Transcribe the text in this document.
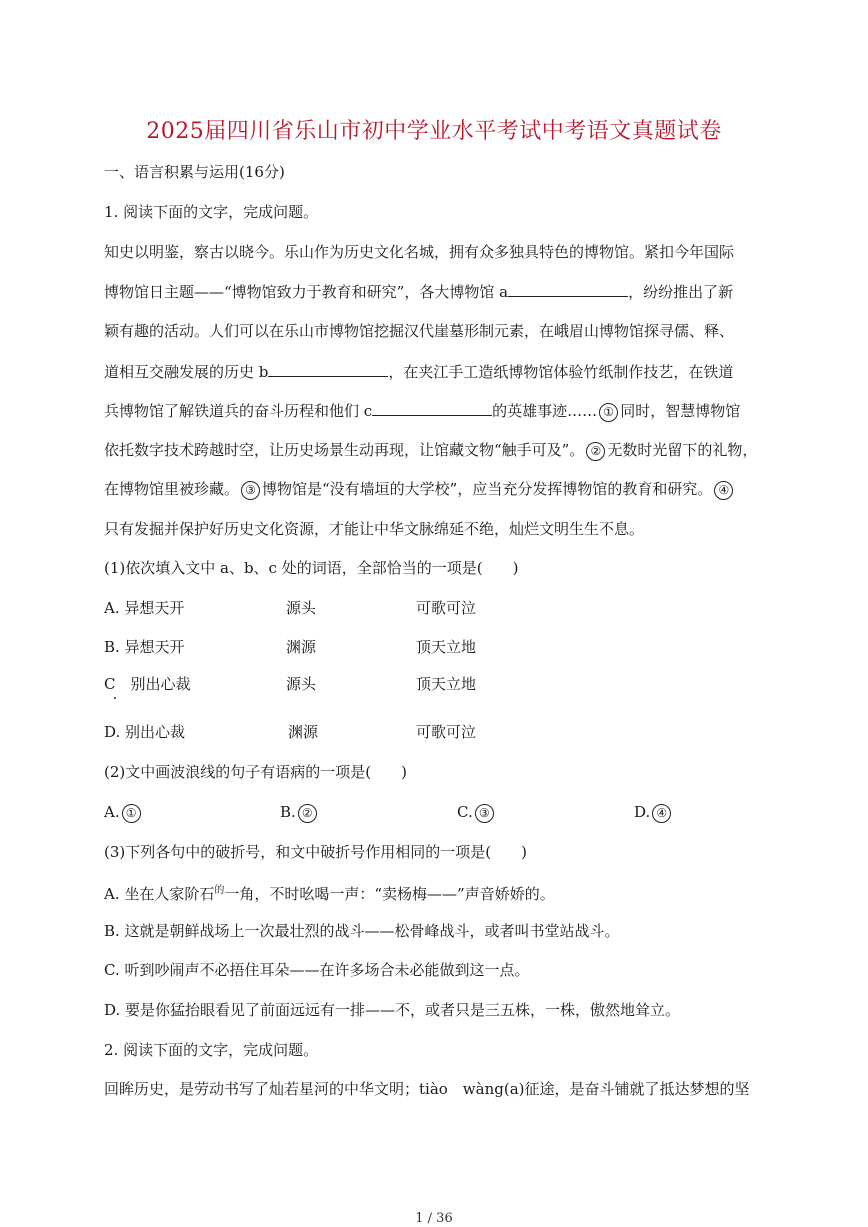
2025届四川省乐山市初中学业水平考试中考语文真题试卷
一、语言积累与运用(16分)
1. 阅读下面的文字，完成问题。
知史以明鉴，察古以晓今。乐山作为历史文化名城，拥有众多独具特色的博物馆。紧扣今年国际
博物馆日主题——“博物馆致力于教育和研究”，各大博物馆 a	，纷纷推出了新
颖有趣的活动。人们可以在乐山市博物馆挖掘汉代崖墓形制元素，在峨眉山博物馆探寻儒、释、
道相互交融发展的历史 b	，在夹江手工造纸博物馆体验竹纸制作技艺，在铁道
兵博物馆了解铁道兵的奋斗历程和他们 c	的英雄事迹…… ① 同时，智慧博物馆
依托数字技术跨越时空，让历史场景生动再现，让馆藏文物“触手可及”。 ② 无数时光留下的礼物，
在博物馆里被珍藏。 ③ 博物馆是“没有墙垣的大学校”，应当充分发挥博物馆的教育和研究。 ④
只有发掘并保护好历史文化资源，才能让中华文脉绵延不绝，灿烂文明生生不息。
(1)依次填入文中 a、b、c 处的词语，全部恰当的一项是(　　)
A. 异想天开	源头	可歌可泣
B. 异想天开	渊源	顶天立地
C　别出心裁	源头	顶天立地
D. 别出心裁	渊源	可歌可泣
(2)文中画波浪线的句子有语病的一项是(　　)
A. ①	B. ②	C. ③	D. ④
(3)下列各句中的破折号，和文中破折号作用相同的一项是(　　)
A. 坐在人家阶石$^的$一角，不时吆喝一声：“卖杨梅——”声音娇娇的。
B. 这就是朝鲜战场上一次最壮烈的战斗——松骨峰战斗，或者叫书堂站战斗。
C. 听到吵闹声不必捂住耳朵——在许多场合未必能做到这一点。
D. 要是你猛抬眼看见了前面远远有一排——不，或者只是三五株，一株，傲然地耸立。
2. 阅读下面的文字，完成问题。
回眸历史，是劳动书写了灿若星河的中华文明；tiào　wàng(a)征途，是奋斗铺就了抵达梦想的坚
1 / 36
